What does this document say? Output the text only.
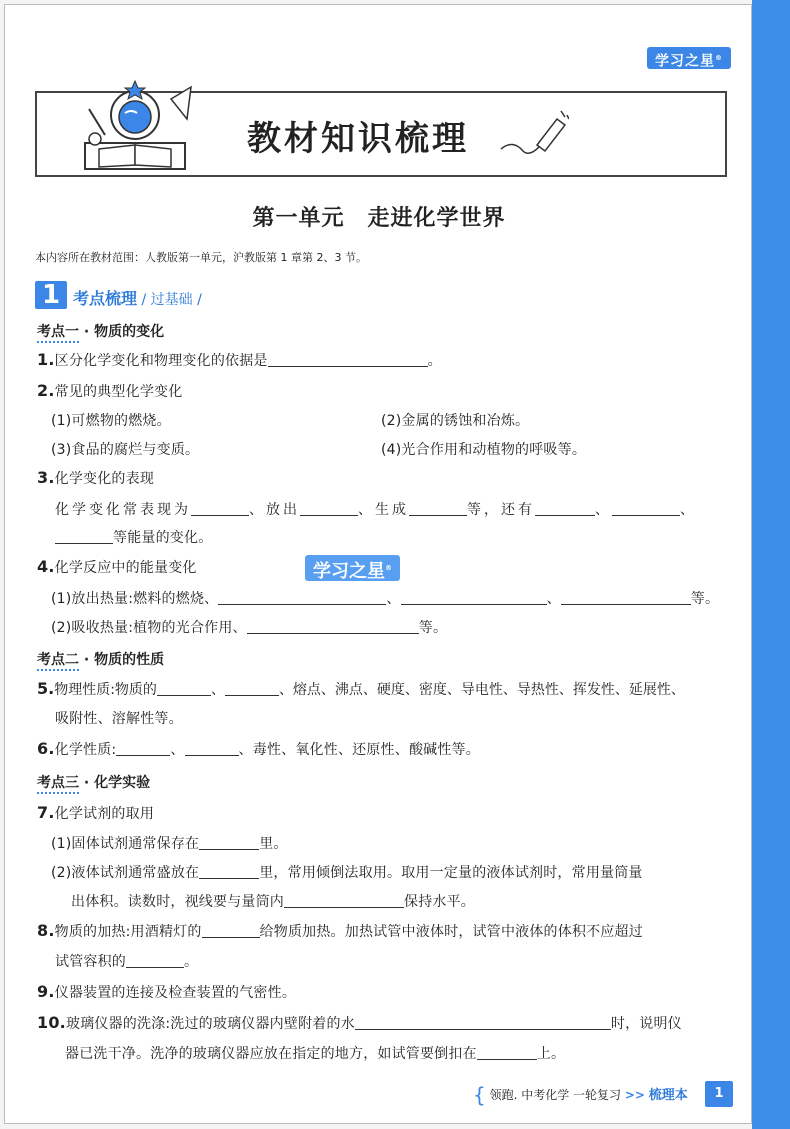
学习之星®
教材知识梳理
第一单元　走进化学世界
本内容所在教材范围：人教版第一单元，沪教版第 1 章第 2、3 节。
1 考点梳理 / 过基础 /
考点一 · 物质的变化
1.区分化学变化和物理变化的依据是	。
2.常见的典型化学变化
(1)可燃物的燃烧。	(2)金属的锈蚀和冶炼。
(3)食品的腐烂与变质。	(4)光合作用和动植物的呼吸等。
3.化学变化的表现
化学变化常表现为	、放出	、生成	等，还有	、	、
等能量的变化。
4.化学反应中的能量变化
(1)放出热量:燃料的燃烧、	、	、	等。
(2)吸收热量:植物的光合作用、	等。
考点二 · 物质的性质
5.物理性质:物质的	、	、熔点、沸点、硬度、密度、导电性、导热性、挥发性、延展性、
吸附性、溶解性等。
6.化学性质:	、	、毒性、氧化性、还原性、酸碱性等。
考点三 · 化学实验
7.化学试剂的取用
(1)固体试剂通常保存在	里。
(2)液体试剂通常盛放在	里，常用倾倒法取用。取用一定量的液体试剂时，常用量筒量
出体积。读数时，视线要与量筒内	保持水平。
8.物质的加热:用酒精灯的	给物质加热。加热试管中液体时，试管中液体的体积不应超过
试管容积的	。
9.仪器装置的连接及检查装置的气密性。
10.玻璃仪器的洗涤:洗过的玻璃仪器内壁附着的水	时，说明仪
器已洗干净。洗净的玻璃仪器应放在指定的地方，如试管要倒扣在	上。
学习之星®
{ 领跑. 中考化学 一轮复习 >> 梳理本	1
